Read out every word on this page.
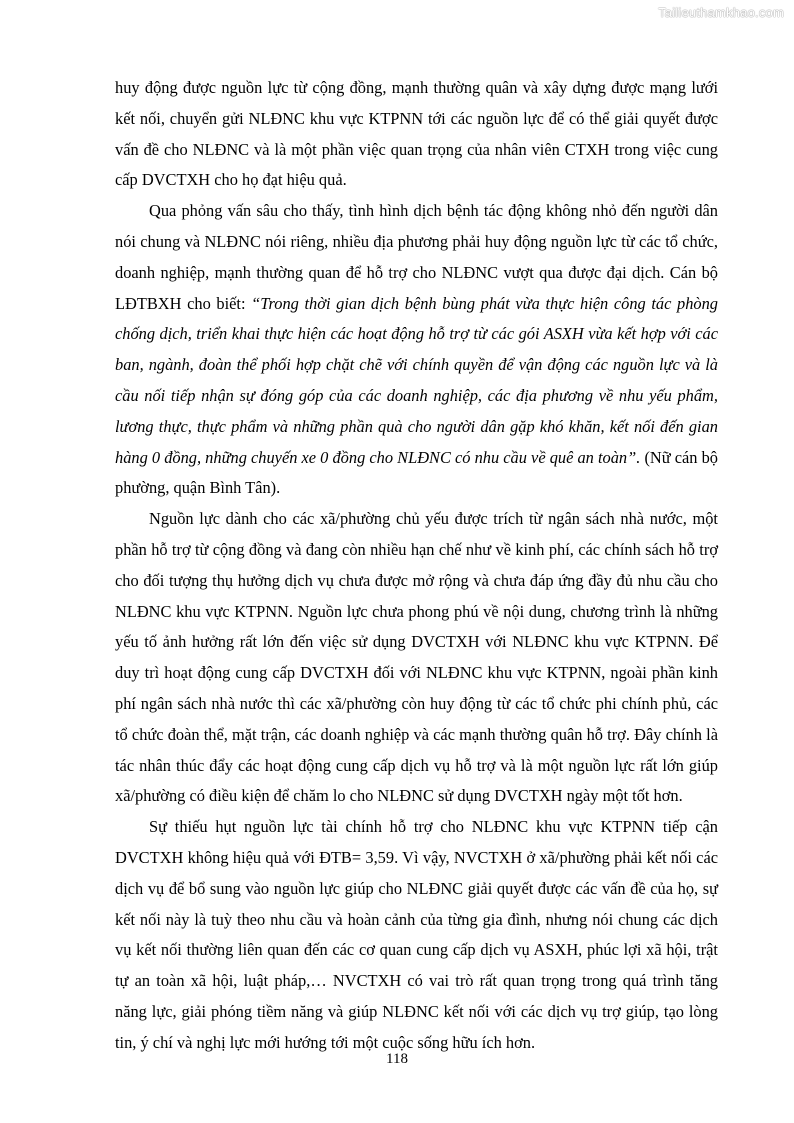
Tailieuthamkhao.com

huy động được nguồn lực từ cộng đồng, mạnh thường quân và xây dựng được mạng lưới kết nối, chuyển gửi NLĐNC khu vực KTPNN tới các nguồn lực để có thể giải quyết được vấn đề cho NLĐNC và là một phần việc quan trọng của nhân viên CTXH trong việc cung cấp DVCTXH cho họ đạt hiệu quả.

Qua phỏng vấn sâu cho thấy, tình hình dịch bệnh tác động không nhỏ đến người dân nói chung và NLĐNC nói riêng, nhiều địa phương phải huy động nguồn lực từ các tổ chức, doanh nghiệp, mạnh thường quan để hỗ trợ cho NLĐNC vượt qua được đại dịch. Cán bộ LĐTBXH cho biết: “Trong thời gian dịch bệnh bùng phát vừa thực hiện công tác phòng chống dịch, triển khai thực hiện các hoạt động hỗ trợ từ các gói ASXH vừa kết hợp với các ban, ngành, đoàn thể phối hợp chặt chẽ với chính quyền để vận động các nguồn lực và là cầu nối tiếp nhận sự đóng góp của các doanh nghiệp, các địa phương về nhu yếu phẩm, lương thực, thực phẩm và những phần quà cho người dân gặp khó khăn, kết nối đến gian hàng 0 đồng, những chuyến xe 0 đồng cho NLĐNC có nhu cầu về quê an toàn”. (Nữ cán bộ phường, quận Bình Tân).

Nguồn lực dành cho các xã/phường chủ yếu được trích từ ngân sách nhà nước, một phần hỗ trợ từ cộng đồng và đang còn nhiều hạn chế như về kinh phí, các chính sách hỗ trợ cho đối tượng thụ hưởng dịch vụ chưa được mở rộng và chưa đáp ứng đầy đủ nhu cầu cho NLĐNC khu vực KTPNN. Nguồn lực chưa phong phú về nội dung, chương trình là những yếu tố ảnh hưởng rất lớn đến việc sử dụng DVCTXH với NLĐNC khu vực KTPNN. Để duy trì hoạt động cung cấp DVCTXH đối với NLĐNC khu vực KTPNN, ngoài phần kinh phí ngân sách nhà nước thì các xã/phường còn huy động từ các tổ chức phi chính phủ, các tổ chức đoàn thể, mặt trận, các doanh nghiệp và các mạnh thường quân hỗ trợ. Đây chính là tác nhân thúc đẩy các hoạt động cung cấp dịch vụ hỗ trợ và là một nguồn lực rất lớn giúp xã/phường có điều kiện để chăm lo cho NLĐNC sử dụng DVCTXH ngày một tốt hơn.

Sự thiếu hụt nguồn lực tài chính hỗ trợ cho NLĐNC khu vực KTPNN tiếp cận DVCTXH không hiệu quả với ĐTB= 3,59. Vì vậy, NVCTXH ở xã/phường phải kết nối các dịch vụ để bổ sung vào nguồn lực giúp cho NLĐNC giải quyết được các vấn đề của họ, sự kết nối này là tuỳ theo nhu cầu và hoàn cảnh của từng gia đình, nhưng nói chung các dịch vụ kết nối thường liên quan đến các cơ quan cung cấp dịch vụ ASXH, phúc lợi xã hội, trật tự an toàn xã hội, luật pháp,… NVCTXH có vai trò rất quan trọng trong quá trình tăng năng lực, giải phóng tiềm năng và giúp NLĐNC kết nối với các dịch vụ trợ giúp, tạo lòng tin, ý chí và nghị lực mới hướng tới một cuộc sống hữu ích hơn.

118
